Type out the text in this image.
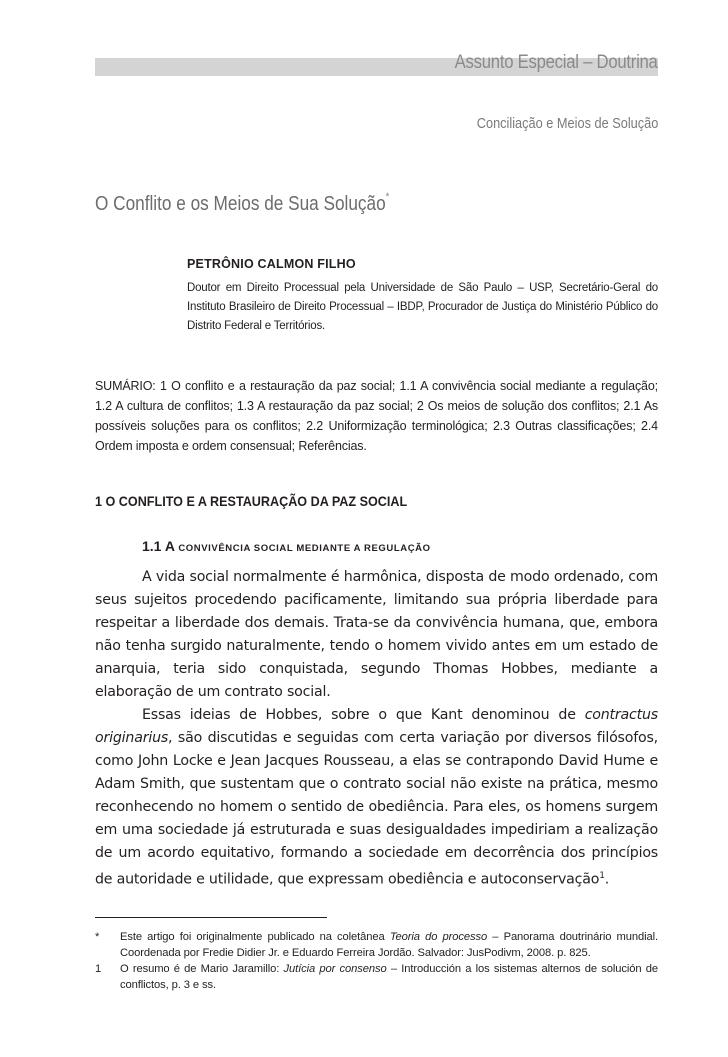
Assunto Especial – Doutrina
Conciliação e Meios de Solução
O Conflito e os Meios de Sua Solução*
PETRÔNIO CALMON FILHO
Doutor em Direito Processual pela Universidade de São Paulo – USP, Secretário-Geral do Instituto Brasileiro de Direito Processual – IBDP, Procurador de Justiça do Ministério Público do Distrito Federal e Territórios.
SUMÁRIO: 1 O conflito e a restauração da paz social; 1.1 A convivência social mediante a regulação; 1.2 A cultura de conflitos; 1.3 A restauração da paz social; 2 Os meios de solução dos conflitos; 2.1 As possíveis soluções para os conflitos; 2.2 Uniformização terminológica; 2.3 Outras classificações; 2.4 Ordem imposta e ordem consensual; Referências.
1 O CONFLITO E A RESTAURAÇÃO DA PAZ SOCIAL
1.1 A CONVIVÊNCIA SOCIAL MEDIANTE A REGULAÇÃO

A vida social normalmente é harmônica, disposta de modo ordenado, com seus sujeitos procedendo pacificamente, limitando sua própria liberdade para respeitar a liberdade dos demais. Trata-se da convivência humana, que, embora não tenha surgido naturalmente, tendo o homem vivido antes em um estado de anarquia, teria sido conquistada, segundo Thomas Hobbes, mediante a elaboração de um contrato social.

Essas ideias de Hobbes, sobre o que Kant denominou de contractus originarius, são discutidas e seguidas com certa variação por diversos filósofos, como John Locke e Jean Jacques Rousseau, a elas se contrapondo David Hume e Adam Smith, que sustentam que o contrato social não existe na prática, mesmo reconhecendo no homem o sentido de obediência. Para eles, os homens surgem em uma sociedade já estruturada e suas desigualdades impediriam a realização de um acordo equitativo, formando a sociedade em decorrência dos princípios de autoridade e utilidade, que expressam obediência e autoconservação$^1$.

*	Este artigo foi originalmente publicado na coletânea Teoria do processo – Panorama doutrinário mundial. Coordenada por Fredie Didier Jr. e Eduardo Ferreira Jordão. Salvador: JusPodivm, 2008. p. 825.
1	O resumo é de Mario Jaramillo: Jutícia por consenso – Introducción a los sistemas alternos de solución de conflictos, p. 3 e ss.
